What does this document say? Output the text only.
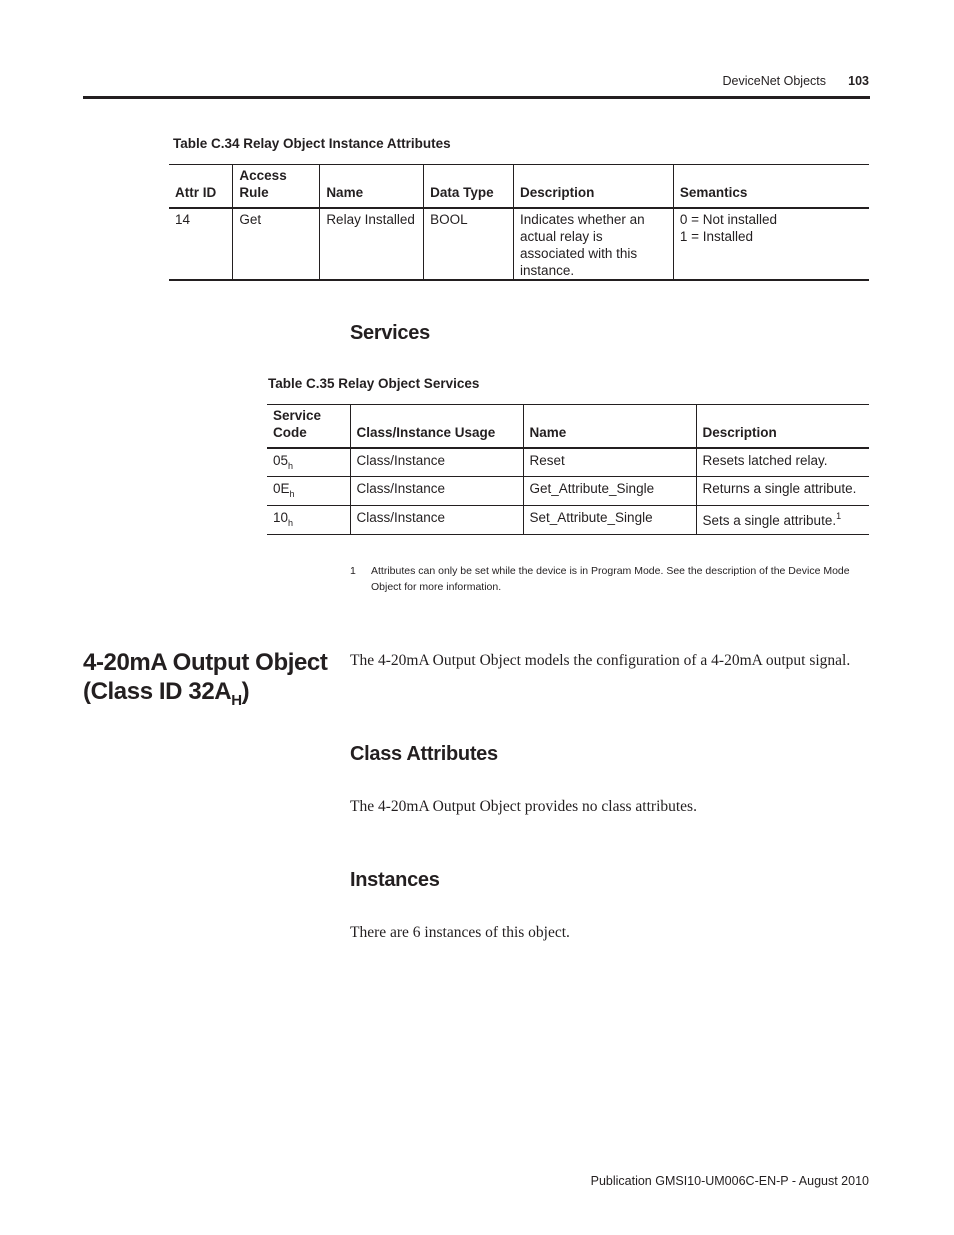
DeviceNet Objects 103
Table C.34 Relay Object Instance Attributes
Attr ID	Access Rule	Name	Data Type	Description	Semantics
14	Get	Relay Installed	BOOL	Indicates whether an actual relay is associated with this instance.	0 = Not installed
1 = Installed
Services
Table C.35 Relay Object Services
Service Code	Class/Instance Usage	Name	Description
$05_h$	Class/Instance	Reset	Resets latched relay.
$0E_h$	Class/Instance	Get_Attribute_Single	Returns a single attribute.
$10_h$	Class/Instance	Set_Attribute_Single	Sets a single attribute.$^1$
1 Attributes can only be set while the device is in Program Mode. See the description of the Device Mode Object for more information.
4-20mA Output Object
(Class ID $32A_H$)
The 4-20mA Output Object models the configuration of a 4-20mA output signal.
Class Attributes
The 4-20mA Output Object provides no class attributes.
Instances
There are 6 instances of this object.
Publication GMSI10-UM006C-EN-P - August 2010
